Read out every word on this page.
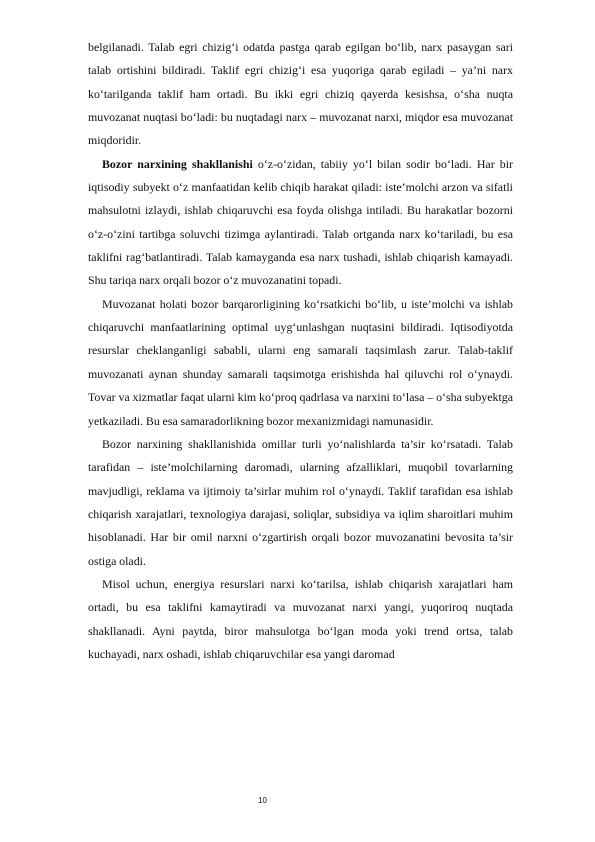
belgilanadi. Talab egri chizig‘i odatda pastga qarab egilgan bo‘lib, narx pasaygan sari talab ortishini bildiradi. Taklif egri chizig‘i esa yuqoriga qarab egiladi – ya’ni narx ko‘tarilganda taklif ham ortadi. Bu ikki egri chiziq qayerda kesishsa, o‘sha nuqta muvozanat nuqtasi bo‘ladi: bu nuqtadagi narx – muvozanat narxi, miqdor esa muvozanat miqdoridir.

Bozor narxining shakllanishi o‘z-o‘zidan, tabiiy yo‘l bilan sodir bo‘ladi. Har bir iqtisodiy subyekt o‘z manfaatidan kelib chiqib harakat qiladi: iste’molchi arzon va sifatli mahsulotni izlaydi, ishlab chiqaruvchi esa foyda olishga intiladi. Bu harakatlar bozorni o‘z-o‘zini tartibga soluvchi tizimga aylantiradi. Talab ortganda narx ko‘tariladi, bu esa taklifni rag‘batlantiradi. Talab kamayganda esa narx tushadi, ishlab chiqarish kamayadi. Shu tariqa narx orqali bozor o‘z muvozanatini topadi.

Muvozanat holati bozor barqarorligining ko‘rsatkichi bo‘lib, u iste’molchi va ishlab chiqaruvchi manfaatlarining optimal uyg‘unlashgan nuqtasini bildiradi. Iqtisodiyotda resurslar cheklanganligi sababli, ularni eng samarali taqsimlash zarur. Talab-taklif muvozanati aynan shunday samarali taqsimotga erishishda hal qiluvchi rol o‘ynaydi. Tovar va xizmatlar faqat ularni kim ko‘proq qadrlasa va narxini to‘lasa – o‘sha subyektga yetkaziladi. Bu esa samaradorlikning bozor mexanizmidagi namunasidir.

Bozor narxining shakllanishida omillar turli yo‘nalishlarda ta’sir ko‘rsatadi. Talab tarafidan – iste’molchilarning daromadi, ularning afzalliklari, muqobil tovarlarning mavjudligi, reklama va ijtimoiy ta’sirlar muhim rol o‘ynaydi. Taklif tarafidan esa ishlab chiqarish xarajatlari, texnologiya darajasi, soliqlar, subsidiya va iqlim sharoitlari muhim hisoblanadi. Har bir omil narxni o‘zgartirish orqali bozor muvozanatini bevosita ta’sir ostiga oladi.

Misol uchun, energiya resurslari narxi ko‘tarilsa, ishlab chiqarish xarajatlari ham ortadi, bu esa taklifni kamaytiradi va muvozanat narxi yangi, yuqoriroq nuqtada shakllanadi. Ayni paytda, biror mahsulotga bo‘lgan moda yoki trend ortsa, talab kuchayadi, narx oshadi, ishlab chiqaruvchilar esa yangi daromad

10
